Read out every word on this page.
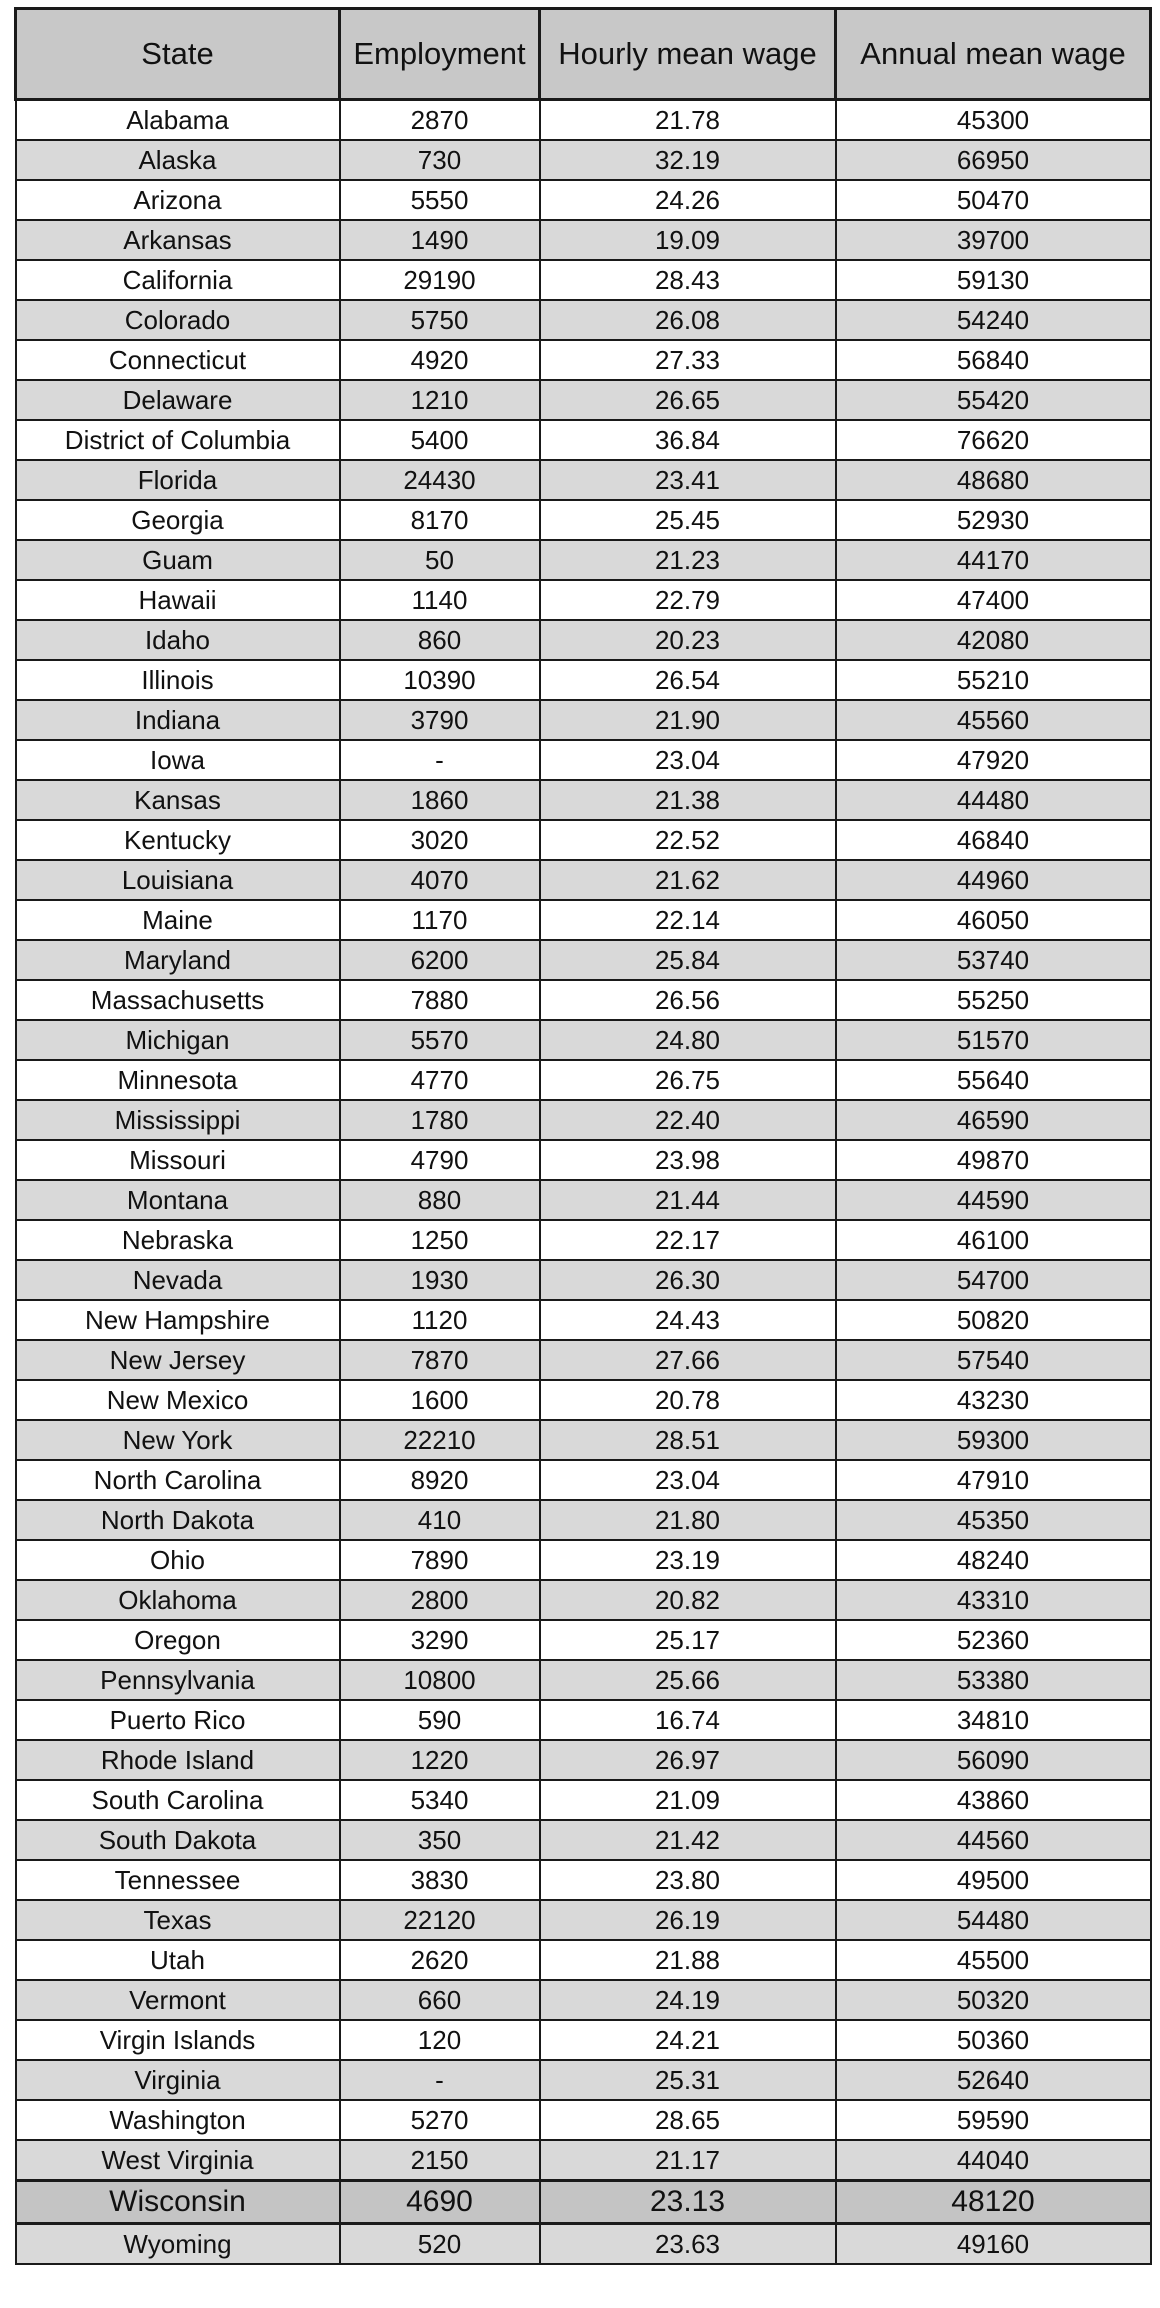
State	Employment	Hourly mean wage	Annual mean wage
Alabama	2870	21.78	45300
Alaska	730	32.19	66950
Arizona	5550	24.26	50470
Arkansas	1490	19.09	39700
California	29190	28.43	59130
Colorado	5750	26.08	54240
Connecticut	4920	27.33	56840
Delaware	1210	26.65	55420
District of Columbia	5400	36.84	76620
Florida	24430	23.41	48680
Georgia	8170	25.45	52930
Guam	50	21.23	44170
Hawaii	1140	22.79	47400
Idaho	860	20.23	42080
Illinois	10390	26.54	55210
Indiana	3790	21.90	45560
Iowa	-	23.04	47920
Kansas	1860	21.38	44480
Kentucky	3020	22.52	46840
Louisiana	4070	21.62	44960
Maine	1170	22.14	46050
Maryland	6200	25.84	53740
Massachusetts	7880	26.56	55250
Michigan	5570	24.80	51570
Minnesota	4770	26.75	55640
Mississippi	1780	22.40	46590
Missouri	4790	23.98	49870
Montana	880	21.44	44590
Nebraska	1250	22.17	46100
Nevada	1930	26.30	54700
New Hampshire	1120	24.43	50820
New Jersey	7870	27.66	57540
New Mexico	1600	20.78	43230
New York	22210	28.51	59300
North Carolina	8920	23.04	47910
North Dakota	410	21.80	45350
Ohio	7890	23.19	48240
Oklahoma	2800	20.82	43310
Oregon	3290	25.17	52360
Pennsylvania	10800	25.66	53380
Puerto Rico	590	16.74	34810
Rhode Island	1220	26.97	56090
South Carolina	5340	21.09	43860
South Dakota	350	21.42	44560
Tennessee	3830	23.80	49500
Texas	22120	26.19	54480
Utah	2620	21.88	45500
Vermont	660	24.19	50320
Virgin Islands	120	24.21	50360
Virginia	-	25.31	52640
Washington	5270	28.65	59590
West Virginia	2150	21.17	44040
Wisconsin	4690	23.13	48120
Wyoming	520	23.63	49160
